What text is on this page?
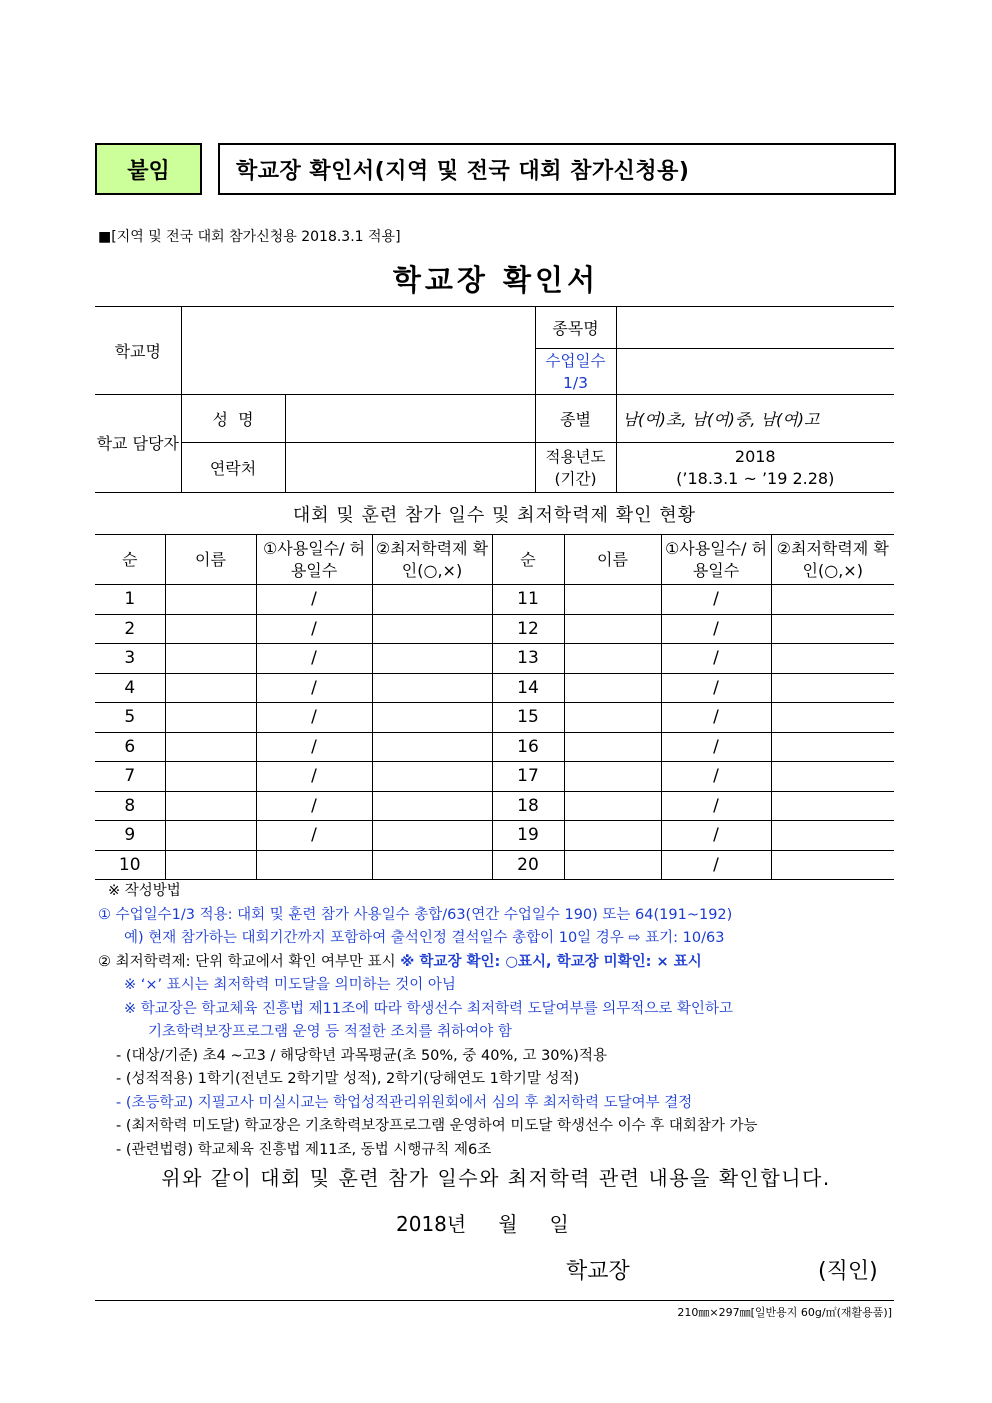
붙임	학교장 확인서(지역 및 전국 대회 참가신청용)
■[지역 및 전국 대회 참가신청용 2018.3.1 적용]
학교장 확인서
학교명			종목명	
			수업일수 1/3	
학교 담당자	성  명		종별	남(여)초, 남(여)중, 남(여)고
	연락처		적용년도 (기간)	2018
(’18.3.1 ~ ’19 2.28)
대회 및 훈련 참가 일수 및 최저학력제 확인 현황
순	이름	①사용일수/ 허용일수	②최저학력제 확인(○,×)	순	이름	①사용일수/ 허용일수	②최저학력제 확인(○,×)
1		/		11		/	
2		/		12		/	
3		/		13		/	
4		/		14		/	
5		/		15		/	
6		/		16		/	
7		/		17		/	
8		/		18		/	
9		/		19		/	
10				20		/	
※ 작성방법
① 수업일수1/3 적용: 대회 및 훈련 참가 사용일수 총합/63(연간 수업일수 190) 또는 64(191~192)
예) 현재 참가하는 대회기간까지 포함하여 출석인정 결석일수 총합이 10일 경우 ⇨ 표기: 10/63
② 최저학력제: 단위 학교에서 확인 여부만 표시 ※ 학교장 확인: ○표시, 학교장 미확인: × 표시
※ ‘×’ 표시는 최저학력 미도달을 의미하는 것이 아님
※ 학교장은 학교체육 진흥법 제11조에 따라 학생선수 최저학력 도달여부를 의무적으로 확인하고
기초학력보장프로그램 운영 등 적절한 조치를 취하여야 함
- (대상/기준) 초4 ~고3 / 해당학년 과목평균(초 50%, 중 40%, 고 30%)적용
- (성적적용) 1학기(전년도 2학기말 성적), 2학기(당해연도 1학기말 성적)
- (초등학교) 지필고사 미실시교는 학업성적관리위원회에서 심의 후 최저학력 도달여부 결정
- (최저학력 미도달) 학교장은 기초학력보장프로그램 운영하여 미도달 학생선수 이수 후 대회참가 가능
- (관련법령) 학교체육 진흥법 제11조, 동법 시행규칙 제6조
위와 같이 대회 및 훈련 참가 일수와 최저학력 관련 내용을 확인합니다.
2018년 월 일
학교장	(직인)
210㎜×297㎜[일반용지 60g/㎡(재활용품)]
